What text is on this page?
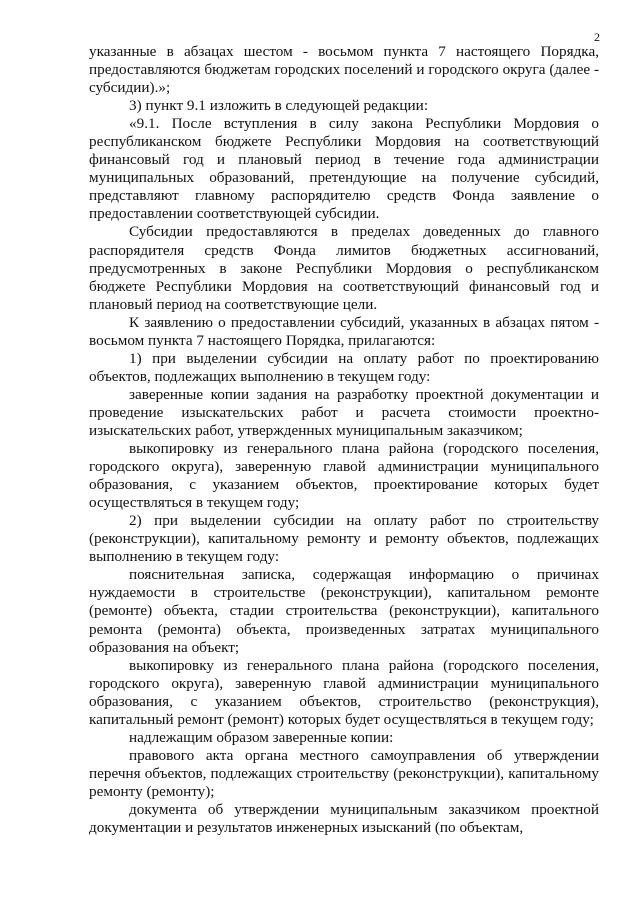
2

указанные в абзацах шестом - восьмом пункта 7 настоящего Порядка, предоставляются бюджетам городских поселений и городского округа (далее - субсидии).»;

3) пункт 9.1 изложить в следующей редакции:

«9.1. После вступления в силу закона Республики Мордовия о республиканском бюджете Республики Мордовия на соответствующий финансовый год и плановый период в течение года администрации муниципальных образований, претендующие на получение субсидий, представляют главному распорядителю средств Фонда заявление о предоставлении соответствующей субсидии.

Субсидии предоставляются в пределах доведенных до главного распорядителя средств Фонда лимитов бюджетных ассигнований, предусмотренных в законе Республики Мордовия о республиканском бюджете Республики Мордовия на соответствующий финансовый год и плановый период на соответствующие цели.

К заявлению о предоставлении субсидий, указанных в абзацах пятом - восьмом пункта 7 настоящего Порядка, прилагаются:

1) при выделении субсидии на оплату работ по проектированию объектов, подлежащих выполнению в текущем году:

заверенные копии задания на разработку проектной документации и проведение изыскательских работ и расчета стоимости проектно-изыскательских работ, утвержденных муниципальным заказчиком;

выкопировку из генерального плана района (городского поселения, городского округа), заверенную главой администрации муниципального образования, с указанием объектов, проектирование которых будет осуществляться в текущем году;

2) при выделении субсидии на оплату работ по строительству (реконструкции), капитальному ремонту и ремонту объектов, подлежащих выполнению в текущем году:

пояснительная записка, содержащая информацию о причинах нуждаемости в строительстве (реконструкции), капитальном ремонте (ремонте) объекта, стадии строительства (реконструкции), капитального ремонта (ремонта) объекта, произведенных затратах муниципального образования на объект;

выкопировку из генерального плана района (городского поселения, городского округа), заверенную главой администрации муниципального образования, с указанием объектов, строительство (реконструкция), капитальный ремонт (ремонт) которых будет осуществляться в текущем году;

надлежащим образом заверенные копии:

правового акта органа местного самоуправления об утверждении перечня объектов, подлежащих строительству (реконструкции), капитальному ремонту (ремонту);

документа об утверждении муниципальным заказчиком проектной документации и результатов инженерных изысканий (по объектам,
